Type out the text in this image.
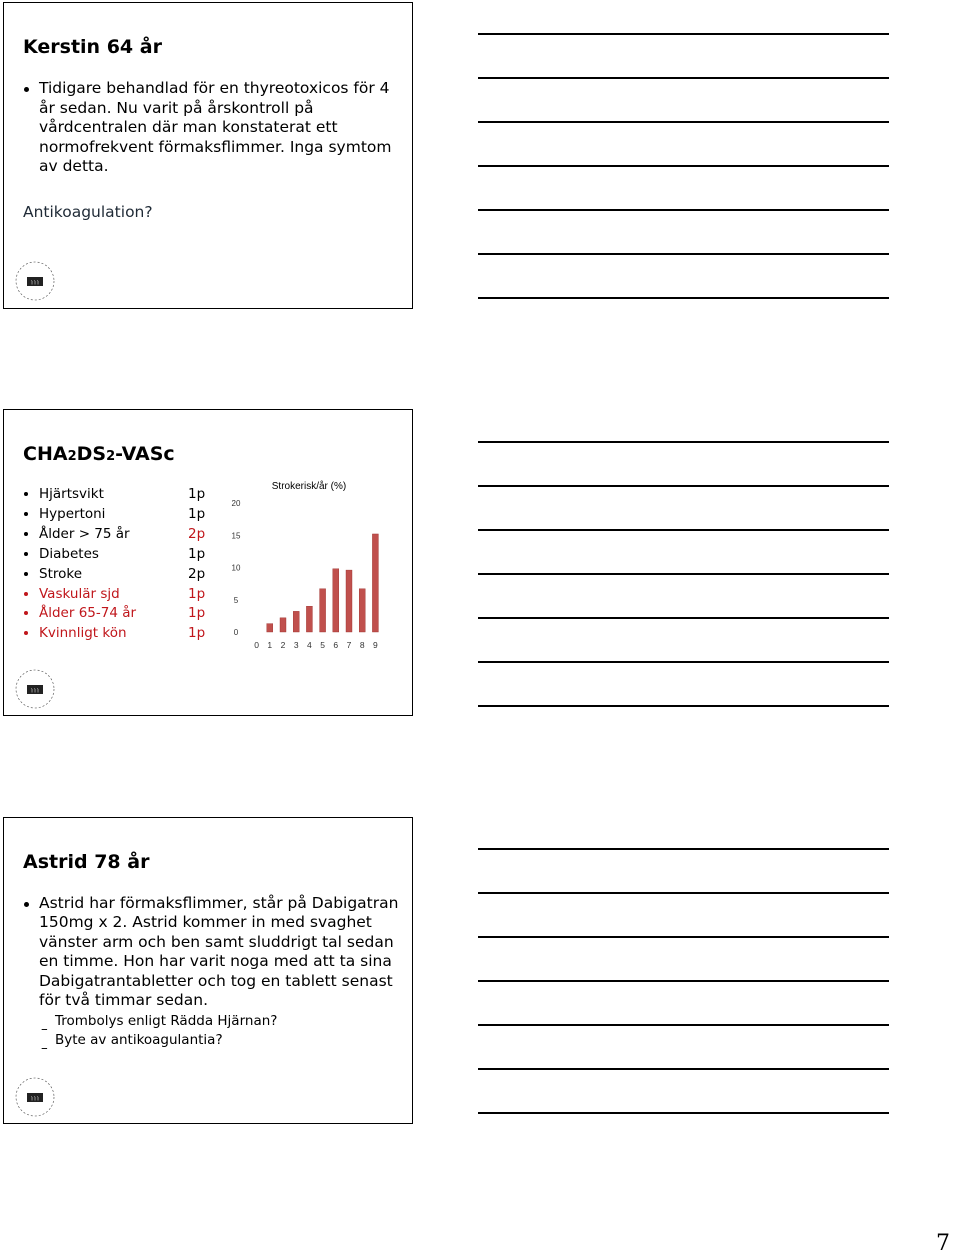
Kerstin 64 år
Tidigare behandlad för en thyreotoxicos för 4 år sedan. Nu varit på årskontroll på vårdcentralen där man konstaterat ett normofrekvent förmaksflimmer. Inga symtom av detta.
Antikoagulation?
ᚢᚢᚢ
CHA2DS2-VASc
Hjärtsvikt	1p
Hypertoni	1p
Ålder > 75 år	2p
Diabetes	1p
Stroke	2p
Vaskulär sjd	1p
Ålder 65-74 år	1p
Kvinnligt kön	1p
Strokerisk/år (%)
0
5
10
15
20
0 1 2 3 4 5 6 7 8 9
ᚢᚢᚢ
Astrid 78 år
Astrid har förmaksflimmer, står på Dabigatran 150mg x 2. Astrid kommer in med svaghet vänster arm och ben samt sluddrigt tal sedan en timme. Hon har varit noga med att ta sina Dabigatrantabletter och tog en tablett senast för två timmar sedan.
– Trombolys enligt Rädda Hjärnan?
– Byte av antikoagulantia?
ᚢᚢᚢ
7
